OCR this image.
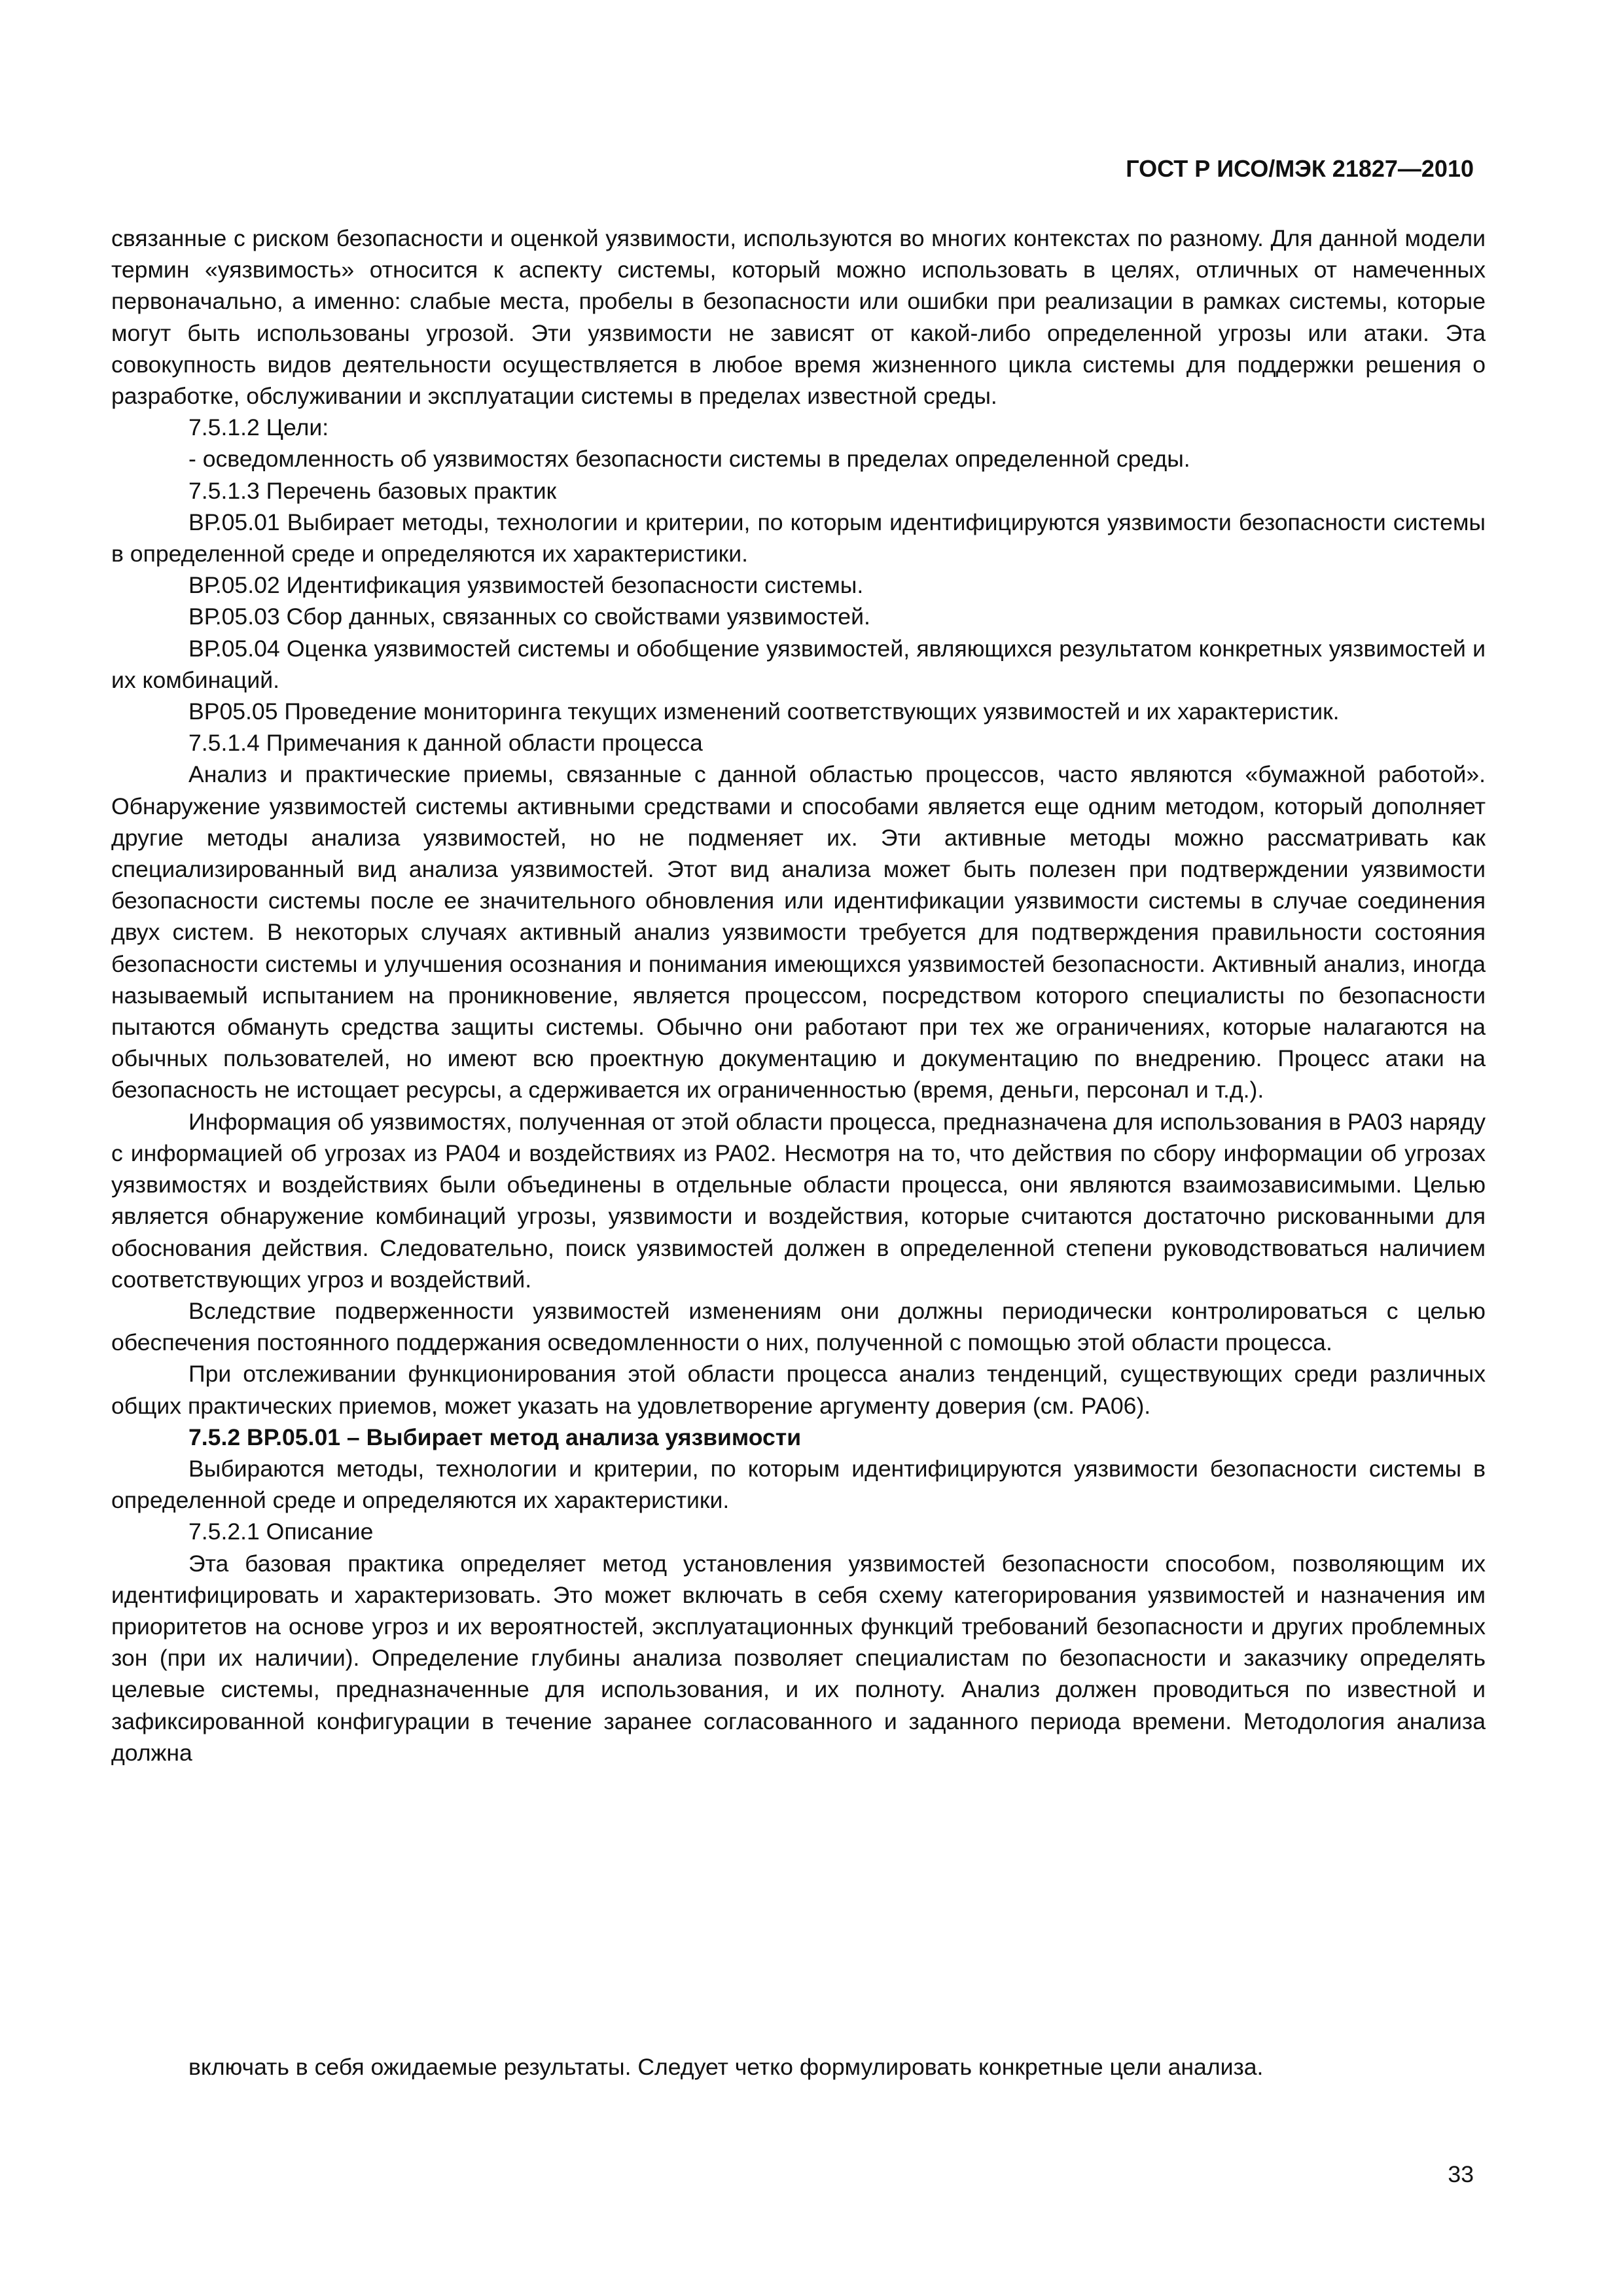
ГОСТ Р ИСО/МЭК 21827—2010

связанные с риском безопасности и оценкой уязвимости, используются во многих контекстах по разному. Для данной модели термин «уязвимость» относится к аспекту системы, который можно использовать в целях, отличных от намеченных первоначально, а именно: слабые места, пробелы в безопасности или ошибки при реализации в рамках системы, которые могут быть использованы угрозой. Эти уязвимости не зависят от какой-либо определенной угрозы или атаки. Эта совокупность видов деятельности осуществляется в любое время жизненного цикла системы для поддержки решения о разработке, обслуживании и эксплуатации системы в пределах известной среды.

7.5.1.2 Цели:

- осведомленность об уязвимостях безопасности системы в пределах определенной среды.

7.5.1.3 Перечень базовых практик

ВР.05.01 Выбирает методы, технологии и критерии, по которым идентифицируются уязвимости безопасности системы в определенной среде и определяются их характеристики.

ВР.05.02 Идентификация уязвимостей безопасности системы.

ВР.05.03 Сбор данных, связанных со свойствами уязвимостей.

ВР.05.04 Оценка уязвимостей системы и обобщение уязвимостей, являющихся результатом конкретных уязвимостей и их комбинаций.

ВР05.05 Проведение мониторинга текущих изменений соответствующих уязвимостей и их характеристик.

7.5.1.4 Примечания к данной области процесса

Анализ и практические приемы, связанные с данной областью процессов, часто являются «бумажной работой». Обнаружение уязвимостей системы активными средствами и способами является еще одним методом, который дополняет другие методы анализа уязвимостей, но не подменяет их. Эти активные методы можно рассматривать как специализированный вид анализа уязвимостей. Этот вид анализа может быть полезен при подтверждении уязвимости безопасности системы после ее значительного обновления или идентификации уязвимости системы в случае соединения двух систем. В некоторых случаях активный анализ уязвимости требуется для подтверждения правильности состояния безопасности системы и улучшения осознания и понимания имеющихся уязвимостей безопасности. Активный анализ, иногда называемый испытанием на проникновение, является процессом, посредством которого специалисты по безопасности пытаются обмануть средства защиты системы. Обычно они работают при тех же ограничениях, которые налагаются на обычных пользователей, но имеют всю проектную документацию и документацию по внедрению. Процесс атаки на безопасность не истощает ресурсы, а сдерживается их ограниченностью (время, деньги, персонал и т.д.).

Информация об уязвимостях, полученная от этой области процесса, предназначена для использования в РА03 наряду с информацией об угрозах из РА04 и воздействиях из РА02. Несмотря на то, что действия по сбору информации об угрозах уязвимостях и воздействиях были объединены в отдельные области процесса, они являются взаимозависимыми. Целью является обнаружение комбинаций угрозы, уязвимости и воздействия, которые считаются достаточно рискованными для обоснования действия. Следовательно, поиск уязвимостей должен в определенной степени руководствоваться наличием соответствующих угроз и воздействий.

Вследствие подверженности уязвимостей изменениям они должны периодически контролироваться с целью обеспечения постоянного поддержания осведомленности о них, полученной с помощью этой области процесса.

При отслеживании функционирования этой области процесса анализ тенденций, существующих среди различных общих практических приемов, может указать на удовлетворение аргументу доверия (см. РА06).

7.5.2 ВР.05.01 – Выбирает метод анализа уязвимости

Выбираются методы, технологии и критерии, по которым идентифицируются уязвимости безопасности системы в определенной среде и определяются их характеристики.

7.5.2.1 Описание

Эта базовая практика определяет метод установления уязвимостей безопасности способом, позволяющим их идентифицировать и характеризовать. Это может включать в себя схему категорирования уязвимостей и назначения им приоритетов на основе угроз и их вероятностей, эксплуатационных функций требований безопасности и других проблемных зон (при их наличии). Определение глубины анализа позволяет специалистам по безопасности и заказчику определять целевые системы, предназначенные для использования, и их полноту. Анализ должен проводиться по известной и зафиксированной конфигурации в течение заранее согласованного и заданного периода времени. Методология анализа должна

включать в себя ожидаемые результаты. Следует четко формулировать конкретные цели анализа.
33
